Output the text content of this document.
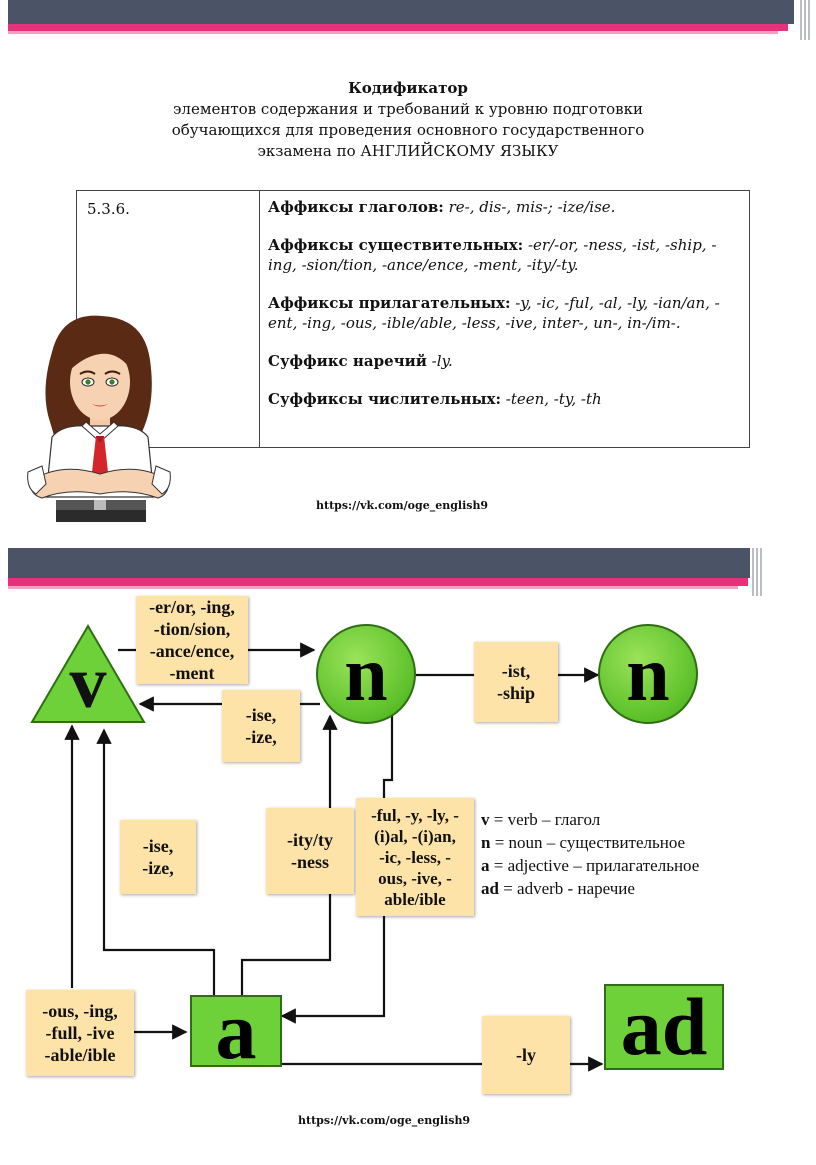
Кодификатор
элементов содержания и требований к уровню подготовки
обучающихся для проведения основного государственного
экзамена по АНГЛИЙСКОМУ ЯЗЫКУ
5.3.6.	Аффиксы глаголов: re-, dis-, mis-; -ize/ise.

Аффиксы существительных: -er/-or, -ness, -ist, -ship, -ing, -sion/tion, -ance/ence, -ment, -ity/-ty.

Аффиксы прилагательных: -y, -ic, -ful, -al, -ly, -ian/an, -ent, -ing, -ous, -ible/able, -less, -ive, inter-, un-, in-/im-.

Суффикс наречий -ly.

Суффиксы числительных: -teen, -ty, -th

https://vk.com/oge_english9
v	n	n
a	ad
-er/or, -ing,
-tion/sion,
-ance/ence,
-ment
-ise,
-ize,
-ist,
-ship
-ise,
-ize,
-ity/ty
-ness
-ful, -y, -ly, -
(i)al, -(i)an,
-ic, -less, -
ous, -ive, -
able/ible
-ous, -ing,
-full, -ive
-able/ible	-ly
v = verb – глагол
n = noun – существительное
a = adjective – прилагательное
ad = adverb - наречие
https://vk.com/oge_english9
